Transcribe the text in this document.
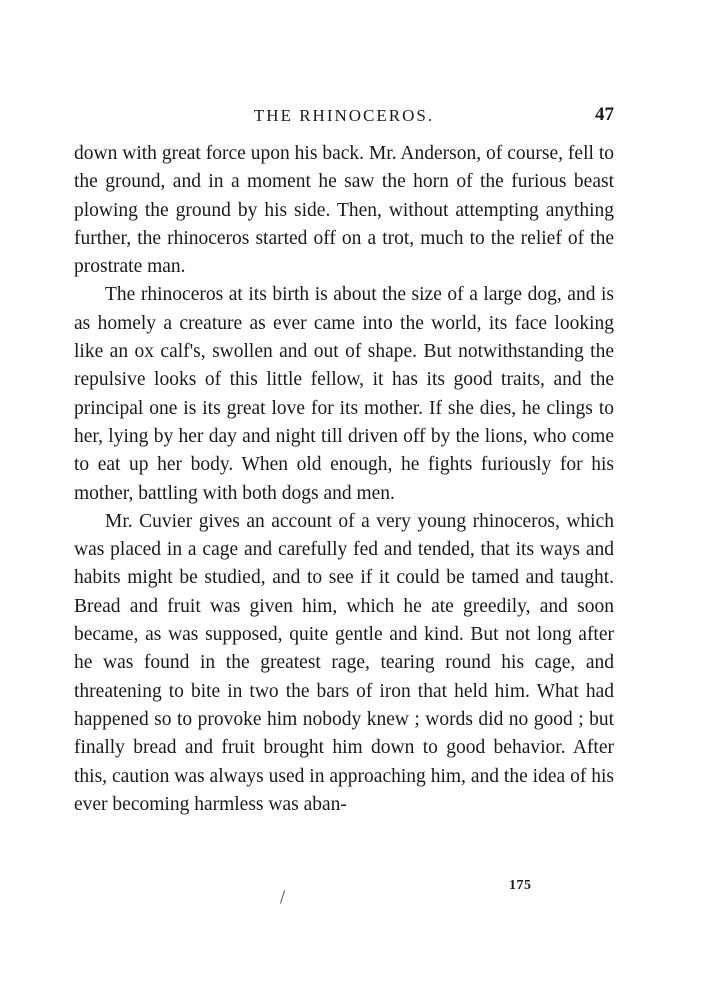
THE RHINOCEROS.	47

down with great force upon his back. Mr. Anderson, of course, fell to the ground, and in a moment he saw the horn of the furious beast plowing the ground by his side. Then, without attempting anything further, the rhinoceros started off on a trot, much to the relief of the prostrate man.

The rhinoceros at its birth is about the size of a large dog, and is as homely a creature as ever came into the world, its face looking like an ox calf's, swollen and out of shape. But notwithstanding the repulsive looks of this little fellow, it has its good traits, and the principal one is its great love for its mother. If she dies, he clings to her, lying by her day and night till driven off by the lions, who come to eat up her body. When old enough, he fights furiously for his mother, battling with both dogs and men.

Mr. Cuvier gives an account of a very young rhinoceros, which was placed in a cage and carefully fed and tended, that its ways and habits might be studied, and to see if it could be tamed and taught. Bread and fruit was given him, which he ate greedily, and soon became, as was supposed, quite gentle and kind. But not long after he was found in the greatest rage, tearing round his cage, and threatening to bite in two the bars of iron that held him. What had happened so to provoke him nobody knew ; words did no good ; but finally bread and fruit brought him down to good behavior. After this, caution was always used in approaching him, and the idea of his ever becoming harmless was aban-

175
